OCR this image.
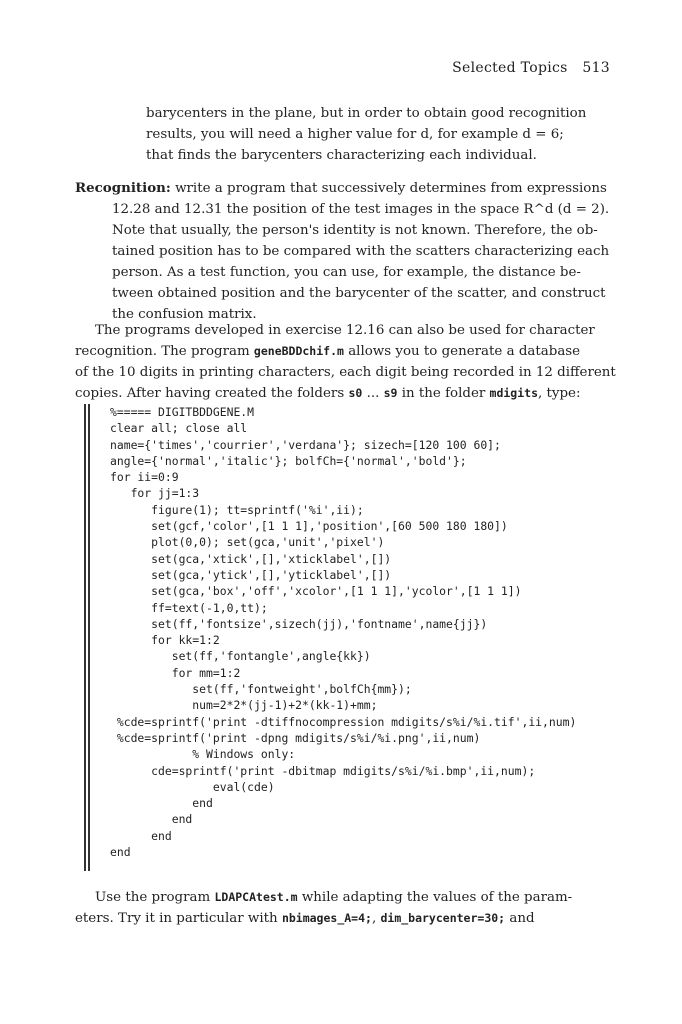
Selected Topics 513
barycenters in the plane, but in order to obtain good recognition
results, you will need a higher value for d, for example d = 6;
that finds the barycenters characterizing each individual.
Recognition: write a program that successively determines from expressions
12.28 and 12.31 the position of the test images in the space R^d (d = 2).
Note that usually, the person's identity is not known. Therefore, the ob-
tained position has to be compared with the scatters characterizing each
person. As a test function, you can use, for example, the distance be-
tween obtained position and the barycenter of the scatter, and construct
the confusion matrix.
The programs developed in exercise 12.16 can also be used for character
recognition. The program geneBDDchif.m allows you to generate a database
of the 10 digits in printing characters, each digit being recorded in 12 different
copies. After having created the folders s0 ... s9 in the folder mdigits, type:
%===== DIGITBDDGENE.M
clear all; close all
name={'times','courrier','verdana'}; sizech=[120 100 60];
angle={'normal','italic'}; bolfCh={'normal','bold'};
for ii=0:9
for jj=1:3
figure(1); tt=sprintf('%i',ii);
set(gcf,'color',[1 1 1],'position',[60 500 180 180])
plot(0,0); set(gca,'unit','pixel')
set(gca,'xtick',[],'xticklabel',[])
set(gca,'ytick',[],'yticklabel',[])
set(gca,'box','off','xcolor',[1 1 1],'ycolor',[1 1 1])
ff=text(-1,0,tt);
set(ff,'fontsize',sizech(jj),'fontname',name{jj})
for kk=1:2
set(ff,'fontangle',angle{kk})
for mm=1:2
set(ff,'fontweight',bolfCh{mm});
num=2*2*(jj-1)+2*(kk-1)+mm;
%cde=sprintf('print -dtiffnocompression mdigits/s%i/%i.tif',ii,num)
%cde=sprintf('print -dpng mdigits/s%i/%i.png',ii,num)
% Windows only:
cde=sprintf('print -dbitmap mdigits/s%i/%i.bmp',ii,num);
eval(cde)
end
end
end
end
Use the program LDAPCAtest.m while adapting the values of the param-
eters. Try it in particular with nbimages_A=4;, dim_barycenter=30; and
